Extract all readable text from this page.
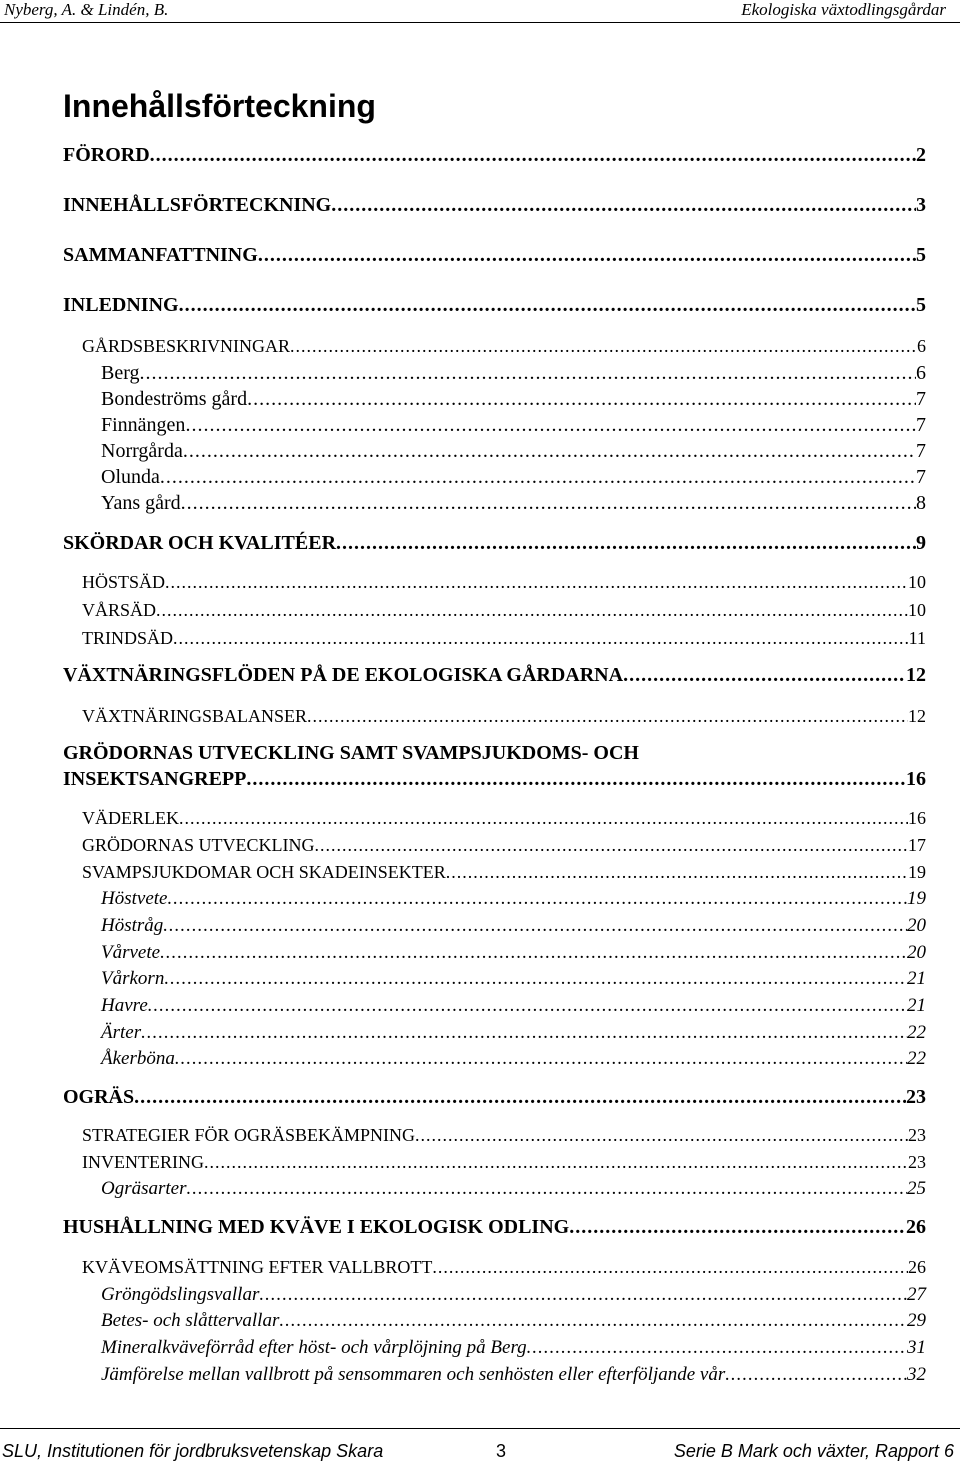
Nyberg, A. & Lindén, B.	Ekologiska växtodlingsgårdar
Innehållsförteckning
FÖRORD .....	2
INNEHÅLLSFÖRTECKNING .....	3
SAMMANFATTNING .....	5
INLEDNING .....	5
GÅRDSBESKRIVNINGAR .....	6
Berg .....	6
Bondeströms gård .....	7
Finnängen .....	7
Norrgårda .....	7
Olunda .....	7
Yans gård .....	8
SKÖRDAR OCH KVALITÉER .....	9
HÖSTSÄD .....	10
VÅRSÄD .....	10
TRINDSÄD .....	11
VÄXTNÄRINGSFLÖDEN PÅ DE EKOLOGISKA GÅRDARNA .....	12
VÄXTNÄRINGSBALANSER .....	12
GRÖDORNAS UTVECKLING SAMT SVAMPSJUKDOMS- OCH
INSEKTSANGREPP .....	16
VÄDERLEK .....	16
GRÖDORNAS UTVECKLING .....	17
SVAMPSJUKDOMAR OCH SKADEINSEKTER .....	19
Höstvete .....	19
Höstråg .....	20
Vårvete .....	20
Vårkorn .....	21
Havre .....	21
Ärter .....	22
Åkerböna .....	22
OGRÄS .....	23
STRATEGIER FÖR OGRÄSBEKÄMPNING .....	23
INVENTERING .....	23
Ogräsarter .....	25
HUSHÅLLNING MED KVÄVE I EKOLOGISK ODLING .....	26
KVÄVEOMSÄTTNING EFTER VALLBROTT .....	26
Gröngödslingsvallar .....	27
Betes- och slåttervallar .....	29
Mineralkväveförråd efter höst- och vårplöjning på Berg .....	31
Jämförelse mellan vallbrott på sensommaren och senhösten eller efterföljande vår .....	32
SLU, Institutionen för jordbruksvetenskap Skara	3	Serie B Mark och växter, Rapport 6
